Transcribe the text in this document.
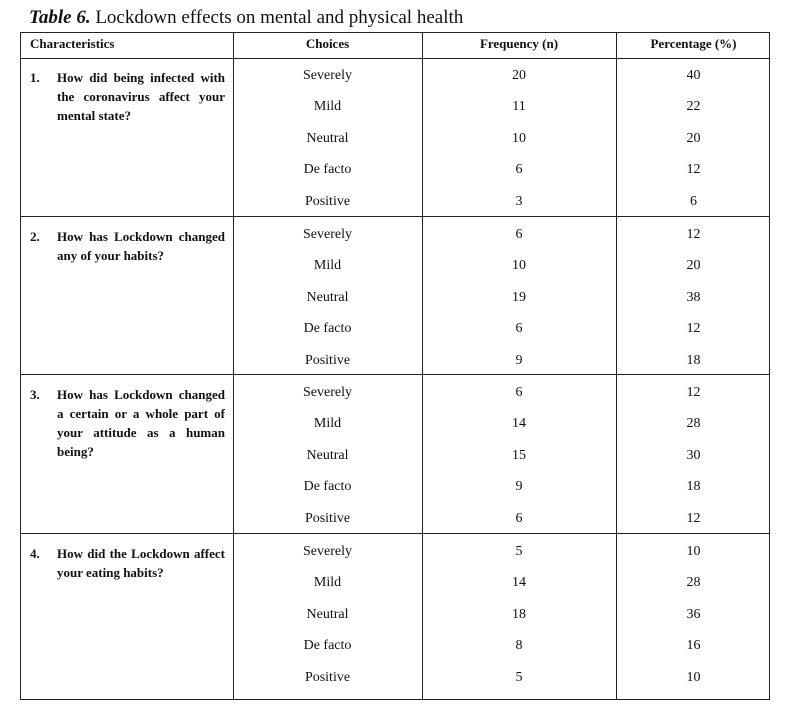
Table 6. Lockdown effects on mental and physical health
Characteristics	Choices	Frequency (n)	Percentage (%)
1. How did being infected with the coronavirus affect your mental state?
Severely	20	40
Mild	11	22
Neutral	10	20
De facto	6	12
Positive	3	6
2. How has Lockdown changed any of your habits?
Severely	6	12
Mild	10	20
Neutral	19	38
De facto	6	12
Positive	9	18
3. How has Lockdown changed a certain or a whole part of your attitude as a human being?
Severely	6	12
Mild	14	28
Neutral	15	30
De facto	9	18
Positive	6	12
4. How did the Lockdown affect your eating habits?
Severely	5	10
Mild	14	28
Neutral	18	36
De facto	8	16
Positive	5	10
